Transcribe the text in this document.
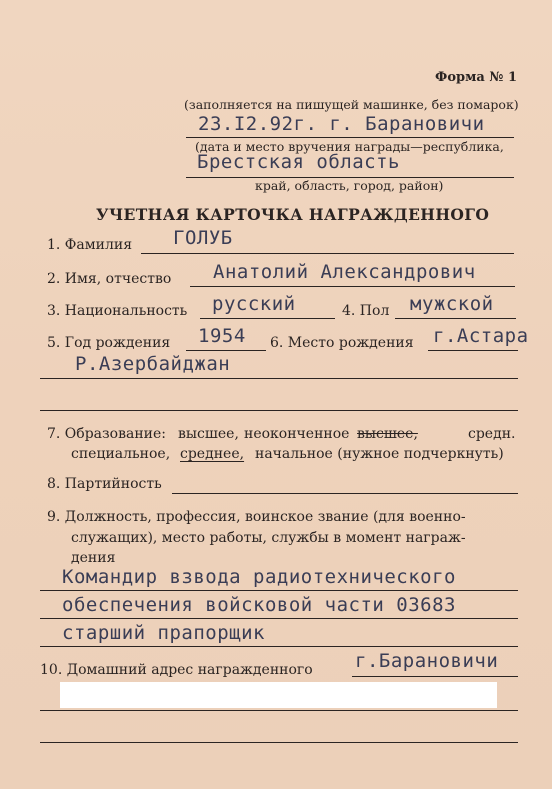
Форма № 1
(заполняется на пишущей машинке, без помарок)
23.I2.92г. г. Барановичи
(дата и место вручения награды—республика,
Брестская область
край, область, город, район)
УЧЕТНАЯ КАРТОЧКА НАГРАЖДЕННОГО
1. Фамилия ГОЛУБ
2. Имя, отчество Анатолий Александрович
3. Национальность русский	4. Пол мужской
5. Год рождения 1954 6. Место рождения г.Астара
Р.Азербайджан
7. Образование: высшее, неоконченное высшее,	средн.
специальное, среднее, начальное (нужное подчеркнуть)
8. Партийность
9. Должность, профессия, воинское звание (для военно-
служащих), место работы, службы в момент награж-
дения
Командир взвода радиотехнического
обеспечения войсковой части 03683
старший прапорщик
10. Домашний адрес награжденного г.Барановичи
